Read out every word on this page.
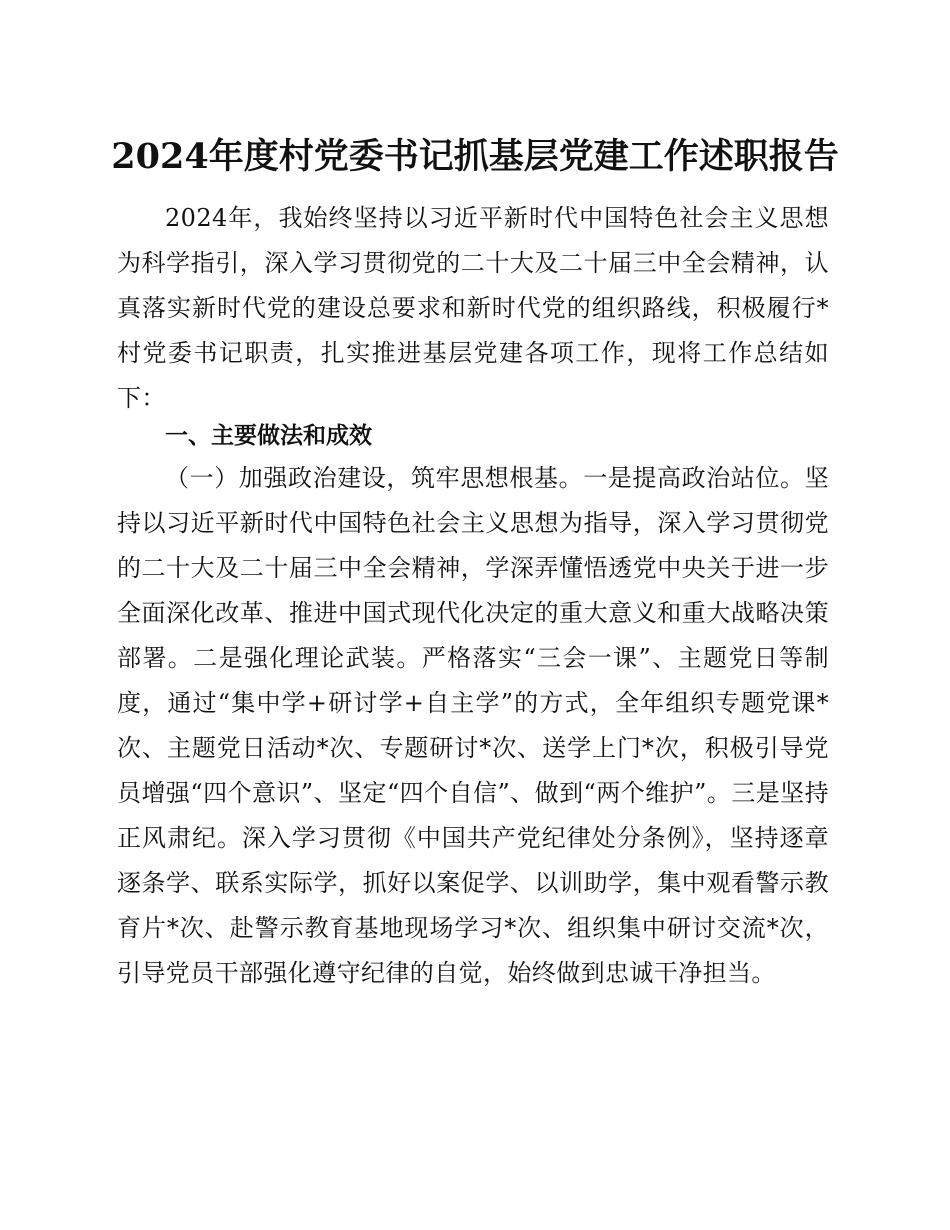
2024年度村党委书记抓基层党建工作述职报告

2024年，我始终坚持以习近平新时代中国特色社会主义思想为科学指引，深入学习贯彻党的二十大及二十届三中全会精神，认真落实新时代党的建设总要求和新时代党的组织路线，积极履行*村党委书记职责，扎实推进基层党建各项工作，现将工作总结如下：

一、主要做法和成效

（一）加强政治建设，筑牢思想根基。一是提高政治站位。坚持以习近平新时代中国特色社会主义思想为指导，深入学习贯彻党的二十大及二十届三中全会精神，学深弄懂悟透党中央关于进一步全面深化改革、推进中国式现代化决定的重大意义和重大战略决策部署。二是强化理论武装。严格落实“三会一课”、主题党日等制度，通过“集中学+研讨学+自主学”的方式，全年组织专题党课*次、主题党日活动*次、专题研讨*次、送学上门*次，积极引导党员增强“四个意识”、坚定“四个自信”、做到“两个维护”。三是坚持正风肃纪。深入学习贯彻《中国共产党纪律处分条例》，坚持逐章逐条学、联系实际学，抓好以案促学、以训助学，集中观看警示教育片*次、赴警示教育基地现场学习*次、组织集中研讨交流*次，引导党员干部强化遵守纪律的自觉，始终做到忠诚干净担当。
